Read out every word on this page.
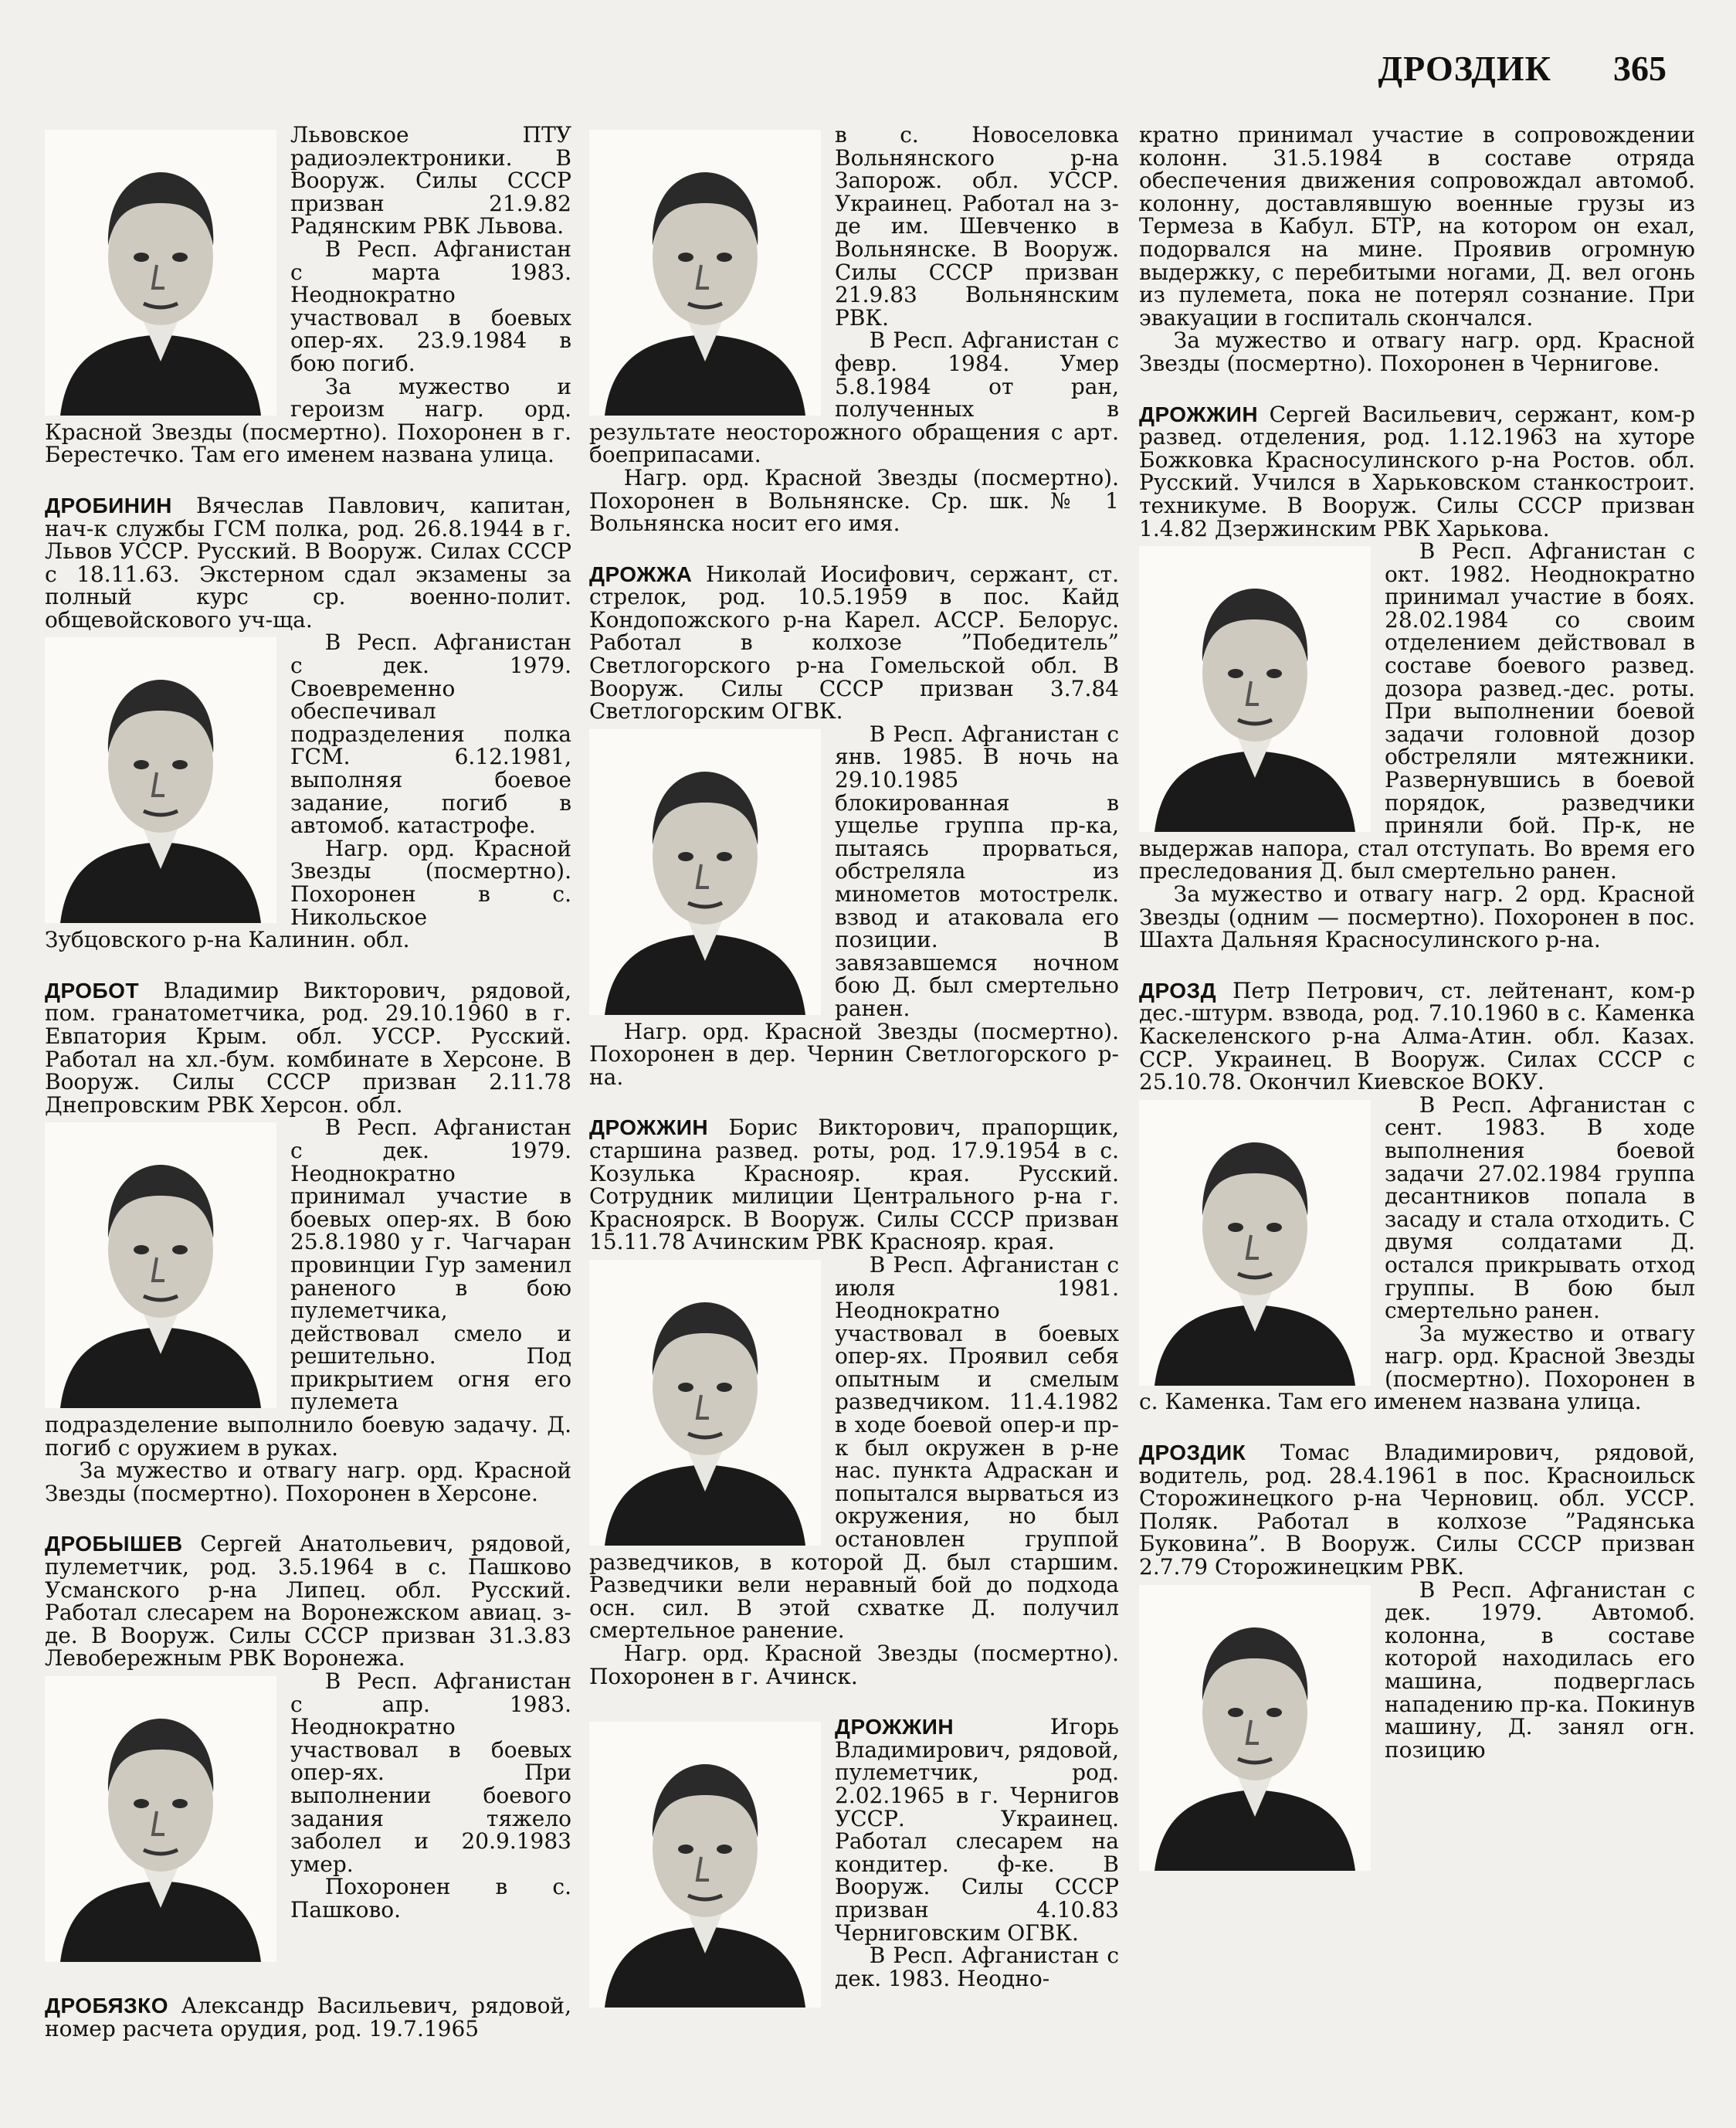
ДРОЗДИК 365

Львовское ПТУ радиоэлектроники. В Вооруж. Силы СССР призван 21.9.82 Радянским РВК Львова.

В Респ. Афганистан с марта 1983. Неоднократно участвовал в боевых опер-ях. 23.9.1984 в бою погиб.

За мужество и героизм нагр. орд. Красной Звезды (посмертно). Похоронен в г. Берестечко. Там его именем названа улица.

ДРОБИНИН Вячеслав Павлович, капитан, нач-к службы ГСМ полка, род. 26.8.1944 в г. Львов УССР. Русский. В Вооруж. Силах СССР с 18.11.63. Экстерном сдал экзамены за полный курс ср. военно-полит. общевойскового уч-ща.

В Респ. Афганистан с дек. 1979. Своевременно обеспечивал подразделения полка ГСМ. 6.12.1981, выполняя боевое задание, погиб в автомоб. катастрофе.

Нагр. орд. Красной Звезды (посмертно). Похоронен в с. Никольское Зубцовского р-на Калинин. обл.

ДРОБОТ Владимир Викторович, рядовой, пом. гранатометчика, род. 29.10.1960 в г. Евпатория Крым. обл. УССР. Русский. Работал на хл.-бум. комбинате в Херсоне. В Вооруж. Силы СССР призван 2.11.78 Днепровским РВК Херсон. обл.

В Респ. Афганистан с дек. 1979. Неоднократно принимал участие в боевых опер-ях. В бою 25.8.1980 у г. Чагчаран провинции Гур заменил раненого в бою пулеметчика, действовал смело и решительно. Под прикрытием огня его пулемета подразделение выполнило боевую задачу. Д. погиб с оружием в руках.

За мужество и отвагу нагр. орд. Красной Звезды (посмертно). Похоронен в Херсоне.

ДРОБЫШЕВ Сергей Анатольевич, рядовой, пулеметчик, род. 3.5.1964 в с. Пашково Усманского р-на Липец. обл. Русский. Работал слесарем на Воронежском авиац. з-де. В Вооруж. Силы СССР призван 31.3.83 Левобережным РВК Воронежа.

В Респ. Афганистан с апр. 1983. Неоднократно участвовал в боевых опер-ях. При выполнении боевого задания тяжело заболел и 20.9.1983 умер.

Похоронен в с. Пашково.

ДРОБЯЗКО Александр Васильевич, рядовой, номер расчета орудия, род. 19.7.1965

в с. Новоселовка Вольнянского р-на Запорож. обл. УССР. Украинец. Работал на з-де им. Шевченко в Вольнянске. В Вооруж. Силы СССР призван 21.9.83 Вольнянским РВК.

В Респ. Афганистан с февр. 1984. Умер 5.8.1984 от ран, полученных в результате неосторожного обращения с арт. боеприпасами.

Нагр. орд. Красной Звезды (посмертно). Похоронен в Вольнянске. Ср. шк. № 1 Вольнянска носит его имя.

ДРОЖЖА Николай Иосифович, сержант, ст. стрелок, род. 10.5.1959 в пос. Кайд Кондопожского р-на Карел. АССР. Белорус. Работал в колхозе ”Победитель” Светлогорского р-на Гомельской обл. В Вооруж. Силы СССР призван 3.7.84 Светлогорским ОГВК.

В Респ. Афганистан с янв. 1985. В ночь на 29.10.1985 блокированная в ущелье группа пр-ка, пытаясь прорваться, обстреляла из минометов мотострелк. взвод и атаковала его позиции. В завязавшемся ночном бою Д. был смертельно ранен.

Нагр. орд. Красной Звезды (посмертно). Похоронен в дер. Чернин Светлогорского р-на.

ДРОЖЖИН Борис Викторович, прапорщик, старшина развед. роты, род. 17.9.1954 в с. Козулька Краснояр. края. Русский. Сотрудник милиции Центрального р-на г. Красноярск. В Вооруж. Силы СССР призван 15.11.78 Ачинским РВК Краснояр. края.

В Респ. Афганистан с июля 1981. Неоднократно участвовал в боевых опер-ях. Проявил себя опытным и смелым разведчиком. 11.4.1982 в ходе боевой опер-и пр-к был окружен в р-не нас. пункта Адраскан и попытался вырваться из окружения, но был остановлен группой разведчиков, в которой Д. был старшим. Разведчики вели неравный бой до подхода осн. сил. В этой схватке Д. получил смертельное ранение.

Нагр. орд. Красной Звезды (посмертно). Похоронен в г. Ачинск.

ДРОЖЖИН	Игорь Владимирович, рядовой, пулеметчик, род. 2.02.1965 в г. Чернигов УССР. Украинец. Работал слесарем на кондитер. ф-ке. В Вооруж. Силы СССР призван 4.10.83 Черниговским ОГВК.

В Респ. Афганистан с дек. 1983. Неодно-

кратно принимал участие в сопровождении колонн. 31.5.1984 в составе отряда обеспечения движения сопровождал автомоб. колонну, доставлявшую военные грузы из Термеза в Кабул. БТР, на котором он ехал, подорвался на мине. Проявив огромную выдержку, с перебитыми ногами, Д. вел огонь из пулемета, пока не потерял сознание. При эвакуации в госпиталь скончался.

За мужество и отвагу нагр. орд. Красной Звезды (посмертно). Похоронен в Чернигове.

ДРОЖЖИН Сергей Васильевич, сержант, ком-р развед. отделения, род. 1.12.1963 на хуторе Божковка Красносулинского р-на Ростов. обл. Русский. Учился в Харьковском станкострoит. техникуме. В Вооруж. Силы СССР призван 1.4.82 Дзержинским РВК Харькова.

В Респ. Афганистан с окт. 1982. Неоднократно принимал участие в боях. 28.02.1984 со своим отделением действовал в составе боевого развед. дозора развед.-дес. роты. При выполнении боевой задачи головной дозор обстреляли мятежники. Развернувшись в боевой порядок, разведчики приняли бой. Пр-к, не выдержав напора, стал отступать. Во время его преследования Д. был смертельно ранен.

За мужество и отвагу нагр. 2 орд. Красной Звезды (одним — посмертно). Похоронен в пос. Шахта Дальняя Красносулинского р-на.

ДРОЗД Петр Петрович, ст. лейтенант, ком-р дес.-штурм. взвода, род. 7.10.1960 в с. Каменка Каскеленского р-на Алма-Атин. обл. Казах. ССР. Украинец. В Вооруж. Силах СССР с 25.10.78. Окончил Киевское ВОКУ.

В Респ. Афганистан с сент. 1983. В ходе выполнения боевой задачи 27.02.1984 группа десантников попала в засаду и стала отходить. С двумя солдатами Д. остался прикрывать отход группы. В бою был смертельно ранен.

За мужество и отвагу нагр. орд. Красной Звезды (посмертно). Похоронен в с. Каменка. Там его именем названа улица.

ДРОЗДИК Томас Владимирович, рядовой, водитель, род. 28.4.1961 в пос. Красноильск Сторожинецкого р-на Черновиц. обл. УССР. Поляк. Работал в колхозе ”Радянська Буковина”. В Вооруж. Силы СССР призван 2.7.79 Сторожинецким РВК.

В Респ. Афганистан с дек. 1979. Автомоб. колонна, в составе которой находилась его машина, подверглась нападению пр-ка. Покинув машину, Д. занял огн. позицию
